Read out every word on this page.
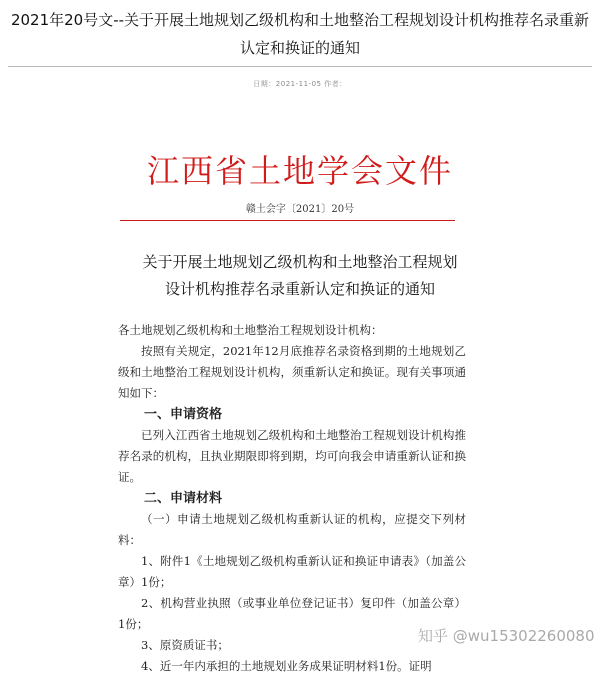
2021年20号文--关于开展土地规划乙级机构和土地整治工程规划设计机构推荐名录重新认定和换证的通知
日期：2021-11-05 作者：
江西省土地学会文件
赣土会字〔2021〕20号
关于开展土地规划乙级机构和土地整治工程规划
设计机构推荐名录重新认定和换证的通知
各土地规划乙级机构和土地整治工程规划设计机构：
按照有关规定，2021年12月底推荐名录资格到期的土地规划乙级和土地整治工程规划设计机构，须重新认定和换证。现有关事项通知如下：
一、申请资格
已列入江西省土地规划乙级机构和土地整治工程规划设计机构推荐名录的机构，且执业期限即将到期，均可向我会申请重新认证和换证。
二、申请材料
（一）申请土地规划乙级机构重新认证的机构，应提交下列材料：
1、附件1《土地规划乙级机构重新认证和换证申请表》（加盖公章）1份；
2、机构营业执照（或事业单位登记证书）复印件（加盖公章）1份；
3、原资质证书；
4、近一年内承担的土地规划业务成果证明材料1份。证明
知乎 @wu15302260080
